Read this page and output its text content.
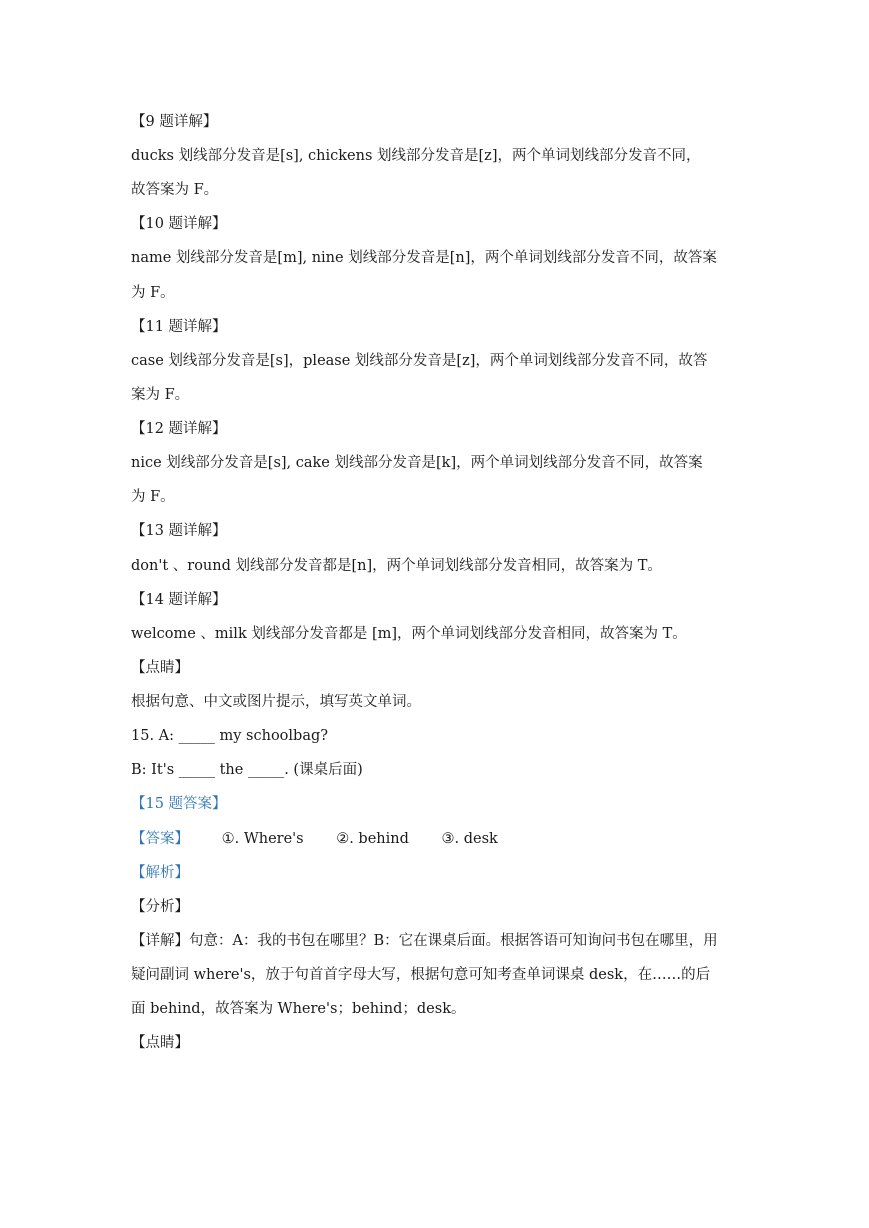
【9 题详解】
ducks 划线部分发音是[s], chickens 划线部分发音是[z]，两个单词划线部分发音不同，
故答案为 F。
【10 题详解】
name 划线部分发音是[m], nine 划线部分发音是[n]，两个单词划线部分发音不同，故答案
为 F。
【11 题详解】
case 划线部分发音是[s]，please 划线部分发音是[z]，两个单词划线部分发音不同，故答
案为 F。
【12 题详解】
nice 划线部分发音是[s], cake 划线部分发音是[k]，两个单词划线部分发音不同，故答案
为 F。
【13 题详解】
don't 、round 划线部分发音都是[n]，两个单词划线部分发音相同，故答案为 T。
【14 题详解】
welcome 、milk 划线部分发音都是 [m]，两个单词划线部分发音相同，故答案为 T。
【点睛】
根据句意、中文或图片提示，填写英文单词。
15. A: _____ my schoolbag?
B: It's _____ the _____. (课桌后面)
【15 题答案】
【答案】 ①. Where's ②. behind ③. desk
【解析】
【分析】
【详解】句意：A：我的书包在哪里？B：它在课桌后面。根据答语可知询问书包在哪里，用
疑问副词 where's，放于句首首字母大写，根据句意可知考查单词课桌 desk，在……的后
面 behind，故答案为 Where's；behind；desk。
【点睛】
